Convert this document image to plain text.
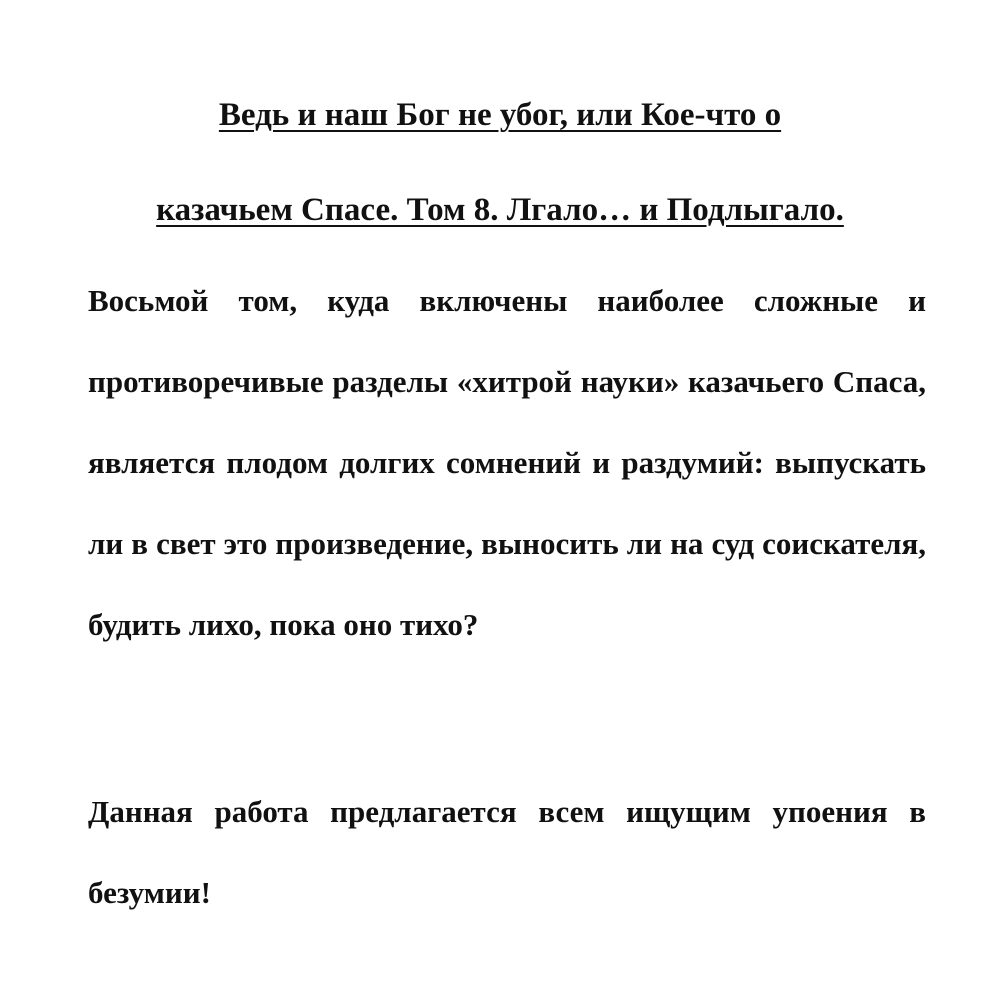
Ведь и наш Бог не убог, или Кое-что о
казачьем Спасе. Том 8. Лгало… и Подлыгало.

Восьмой том, куда включены наиболее сложные и противоречивые разделы «хитрой науки» казачьего Спаса, является плодом долгих сомнений и раздумий: выпускать ли в свет это произведение, выносить ли на суд соискателя, будить лихо, пока оно тихо?

Данная работа предлагается всем ищущим упоения в безумии!
